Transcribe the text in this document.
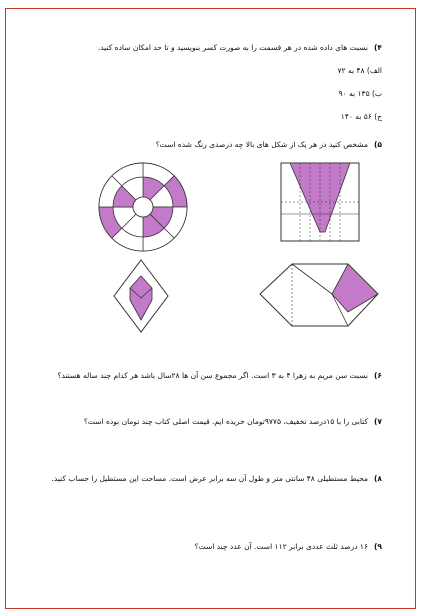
۴)نسبت های داده شده در هر قسمت را به صورت کسر بنویسید و تا حد امکان ساده کنید.
الف) ۴۸ به ۷۲
ب) ۱۳۵ به ۹۰
ج) ۵۶ به ۱۴۰
۵)مشخص کنید در هر یک از شکل های بالا چه درصدی رنگ شده است؟
۶)نسبت سن مریم به زهرا ۴ به ۳ است. اگر مجموع سن آن ها ۲۸سال باشد هر کدام چند ساله هستند؟
۷)کتابی را با ۱۵درصد تخفیف، ۹۷۷۵تومان خریده ایم. قیمت اصلی کتاب چند تومان بوده است؟
۸)محیط مستطیلی ۴۸ سانتی متر و طول آن سه برابر عرض است. مساحت این مستطیل را حساب کنید.
۹)۱۶ درصد ثلث عددی برابر ۱۱۲ است. آن عدد چند است؟
